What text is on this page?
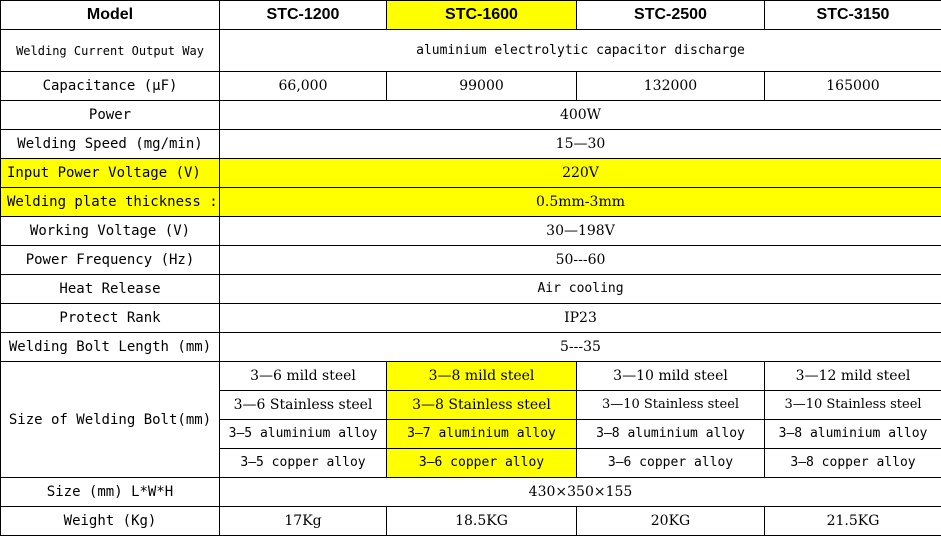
Model	STC-1200	STC-1600	STC-2500	STC-3150
Welding Current Output Way	aluminium electrolytic capacitor discharge			
Capacitance (μF)	66,000	99000	132000	165000
Power	400W			
Welding Speed (mg/min)	15—30			
Input Power Voltage (V)	220V			
Welding plate thickness :	0.5mm-3mm			
Working Voltage (V)	30—198V			
Power Frequency (Hz)	50---60			
Heat Release	Air cooling			
Protect Rank	IP23			
Welding Bolt Length (mm)	5---35			
Size of Welding Bolt(mm)	3—6 mild steel	3—8 mild steel	3—10 mild steel	3—12 mild steel
	3—6 Stainless steel	3—8 Stainless steel	3—10 Stainless steel	3—10 Stainless steel
	3—5 aluminium alloy	3—7 aluminium alloy	3—8 aluminium alloy	3—8 aluminium alloy
	3—5 copper alloy	3—6 copper alloy	3—6 copper alloy	3—8 copper alloy
Size (mm) L*W*H	430×350×155			
Weight (Kg)	17Kg	18.5KG	20KG	21.5KG
